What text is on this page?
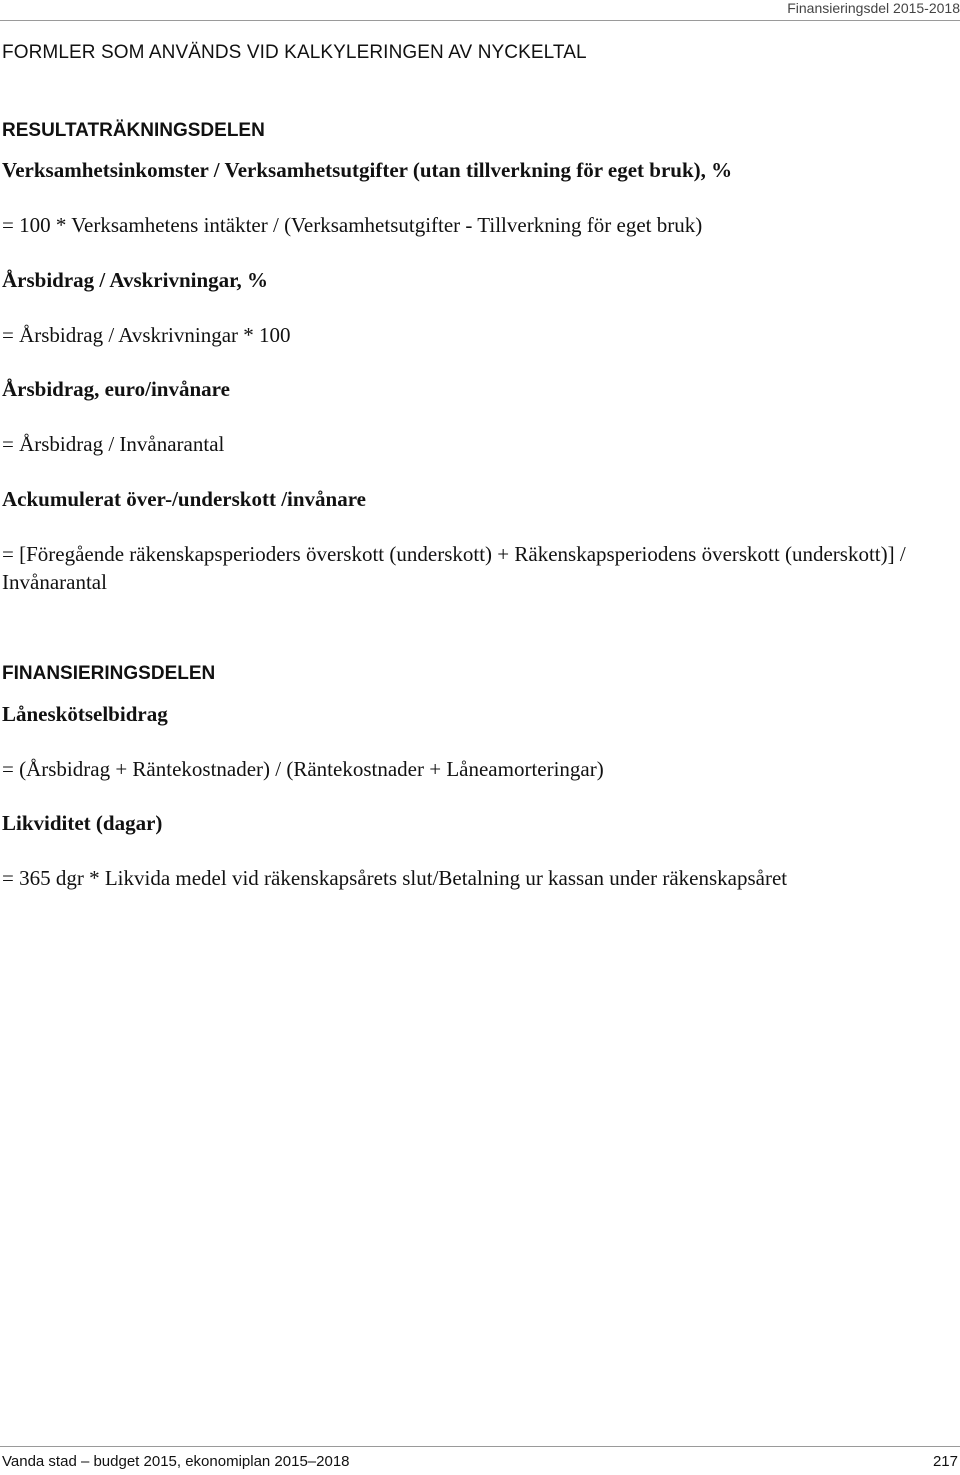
Finansieringsdel 2015-2018
FORMLER SOM ANVÄNDS VID KALKYLERINGEN AV NYCKELTAL
RESULTATRÄKNINGSDELEN

Verksamhetsinkomster / Verksamhetsutgifter (utan tillverkning för eget bruk), %

= 100 * Verksamhetens intäkter / (Verksamhetsutgifter - Tillverkning för eget bruk)

Årsbidrag / Avskrivningar, %

= Årsbidrag / Avskrivningar * 100

Årsbidrag, euro/invånare

= Årsbidrag / Invånarantal

Ackumulerat över-/underskott /invånare

= [Föregående räkenskapsperioders överskott (underskott) + Räkenskapsperiodens överskott (underskott)] / Invånarantal

FINANSIERINGSDELEN

Låneskötselbidrag

= (Årsbidrag + Räntekostnader) / (Räntekostnader + Låneamorteringar)

Likviditet (dagar)

= 365 dgr * Likvida medel vid räkenskapsårets slut/Betalning ur kassan under räkenskapsåret

Vanda stad – budget 2015, ekonomiplan 2015–2018	217
